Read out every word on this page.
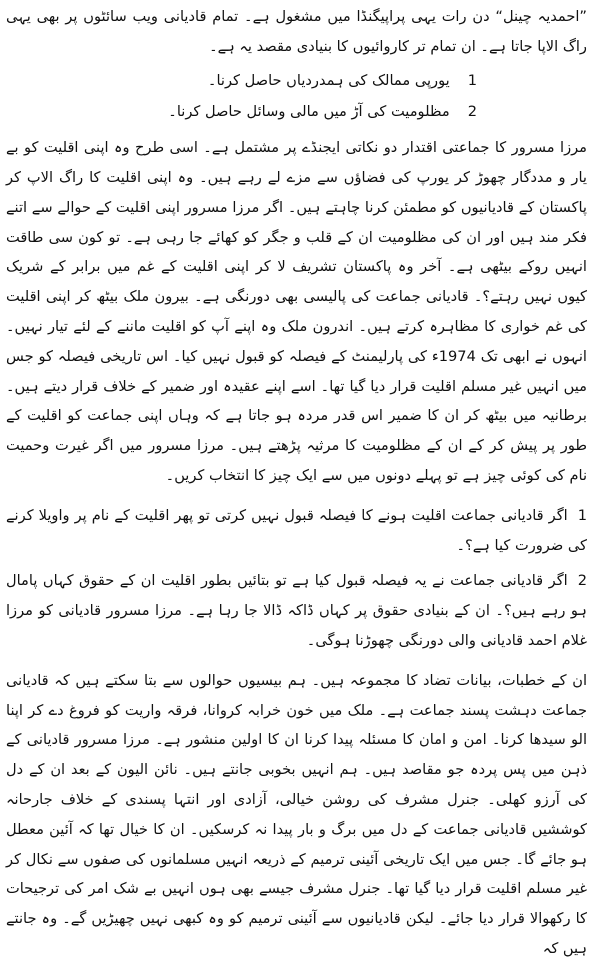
”احمدیہ چینل“ دن رات یہی پراپیگنڈا میں مشغول ہے۔ تمام قادیانی ویب سائٹوں پر بھی یہی راگ الاپا جاتا ہے۔ ان تمام تر کاروائیوں کا بنیادی مقصد یہ ہے۔

1یورپی ممالک کی ہمدردیاں حاصل کرنا۔
2مظلومیت کی آڑ میں مالی وسائل حاصل کرنا۔

مرزا مسرور کا جماعتی اقتدار دو نکاتی ایجنڈے پر مشتمل ہے۔ اسی طرح وہ اپنی اقلیت کو بے یار و مددگار چھوڑ کر یورپ کی فضاؤں سے مزے لے رہے ہیں۔ وہ اپنی اقلیت کا راگ الاپ کر پاکستان کے قادیانیوں کو مطمئن کرنا چاہتے ہیں۔ اگر مرزا مسرور اپنی اقلیت کے حوالے سے اتنے فکر مند ہیں اور ان کی مظلومیت ان کے قلب و جگر کو کھائے جا رہی ہے۔ تو کون سی طاقت انہیں روکے بیٹھی ہے۔ آخر وہ پاکستان تشریف لا کر اپنی اقلیت کے غم میں برابر کے شریک کیوں نہیں رہتے؟۔ قادیانی جماعت کی پالیسی بھی دورنگی ہے۔ بیرون ملک بیٹھ کر اپنی اقلیت کی غم خواری کا مظاہرہ کرتے ہیں۔ اندرون ملک وہ اپنے آپ کو اقلیت ماننے کے لئے تیار نہیں۔ انہوں نے ابھی تک 1974ء کی پارلیمنٹ کے فیصلہ کو قبول نہیں کیا۔ اس تاریخی فیصلہ کو جس میں انہیں غیر مسلم اقلیت قرار دیا گیا تھا۔ اسے اپنے عقیدہ اور ضمیر کے خلاف قرار دیتے ہیں۔ برطانیہ میں بیٹھ کر ان کا ضمیر اس قدر مردہ ہو جاتا ہے کہ وہاں اپنی جماعت کو اقلیت کے طور پر پیش کر کے ان کے مظلومیت کا مرثیہ پڑھتے ہیں۔ مرزا مسرور میں اگر غیرت وحمیت نام کی کوئی چیز ہے تو پہلے دونوں میں سے ایک چیز کا انتخاب کریں۔

1اگر قادیانی جماعت اقلیت ہونے کا فیصلہ قبول نہیں کرتی تو پھر اقلیت کے نام پر واویلا کرنے کی ضرورت کیا ہے؟۔

2اگر قادیانی جماعت نے یہ فیصلہ قبول کیا ہے تو بتائیں بطور اقلیت ان کے حقوق کہاں پامال ہو رہے ہیں؟۔ ان کے بنیادی حقوق پر کہاں ڈاکہ ڈالا جا رہا ہے۔ مرزا مسرور قادیانی کو مرزا غلام احمد قادیانی والی دورنگی چھوڑنا ہوگی۔

ان کے خطبات، بیانات تضاد کا مجموعہ ہیں۔ ہم بیسیوں حوالوں سے بتا سکتے ہیں کہ قادیانی جماعت دہشت پسند جماعت ہے۔ ملک میں خون خرابہ کروانا، فرقہ واریت کو فروغ دے کر اپنا الو سیدھا کرنا۔ امن و امان کا مسئلہ پیدا کرنا ان کا اولین منشور ہے۔ مرزا مسرور قادیانی کے ذہن میں پس پردہ جو مقاصد ہیں۔ ہم انہیں بخوبی جانتے ہیں۔ نائن الیون کے بعد ان کے دل کی آرزو کھلی۔ جنرل مشرف کی روشن خیالی، آزادی اور انتہا پسندی کے خلاف جارحانہ کوششیں قادیانی جماعت کے دل میں برگ و بار پیدا نہ کرسکیں۔ ان کا خیال تھا کہ آئین معطل ہو جائے گا۔ جس میں ایک تاریخی آئینی ترمیم کے ذریعہ انہیں مسلمانوں کی صفوں سے نکال کر غیر مسلم اقلیت قرار دیا گیا تھا۔ جنرل مشرف جیسے بھی ہوں انہیں بے شک امر کی ترجیحات کا رکھوالا قرار دیا جائے۔ لیکن قادیانیوں سے آئینی ترمیم کو وہ کبھی نہیں چھیڑیں گے۔ وہ جانتے ہیں کہ
